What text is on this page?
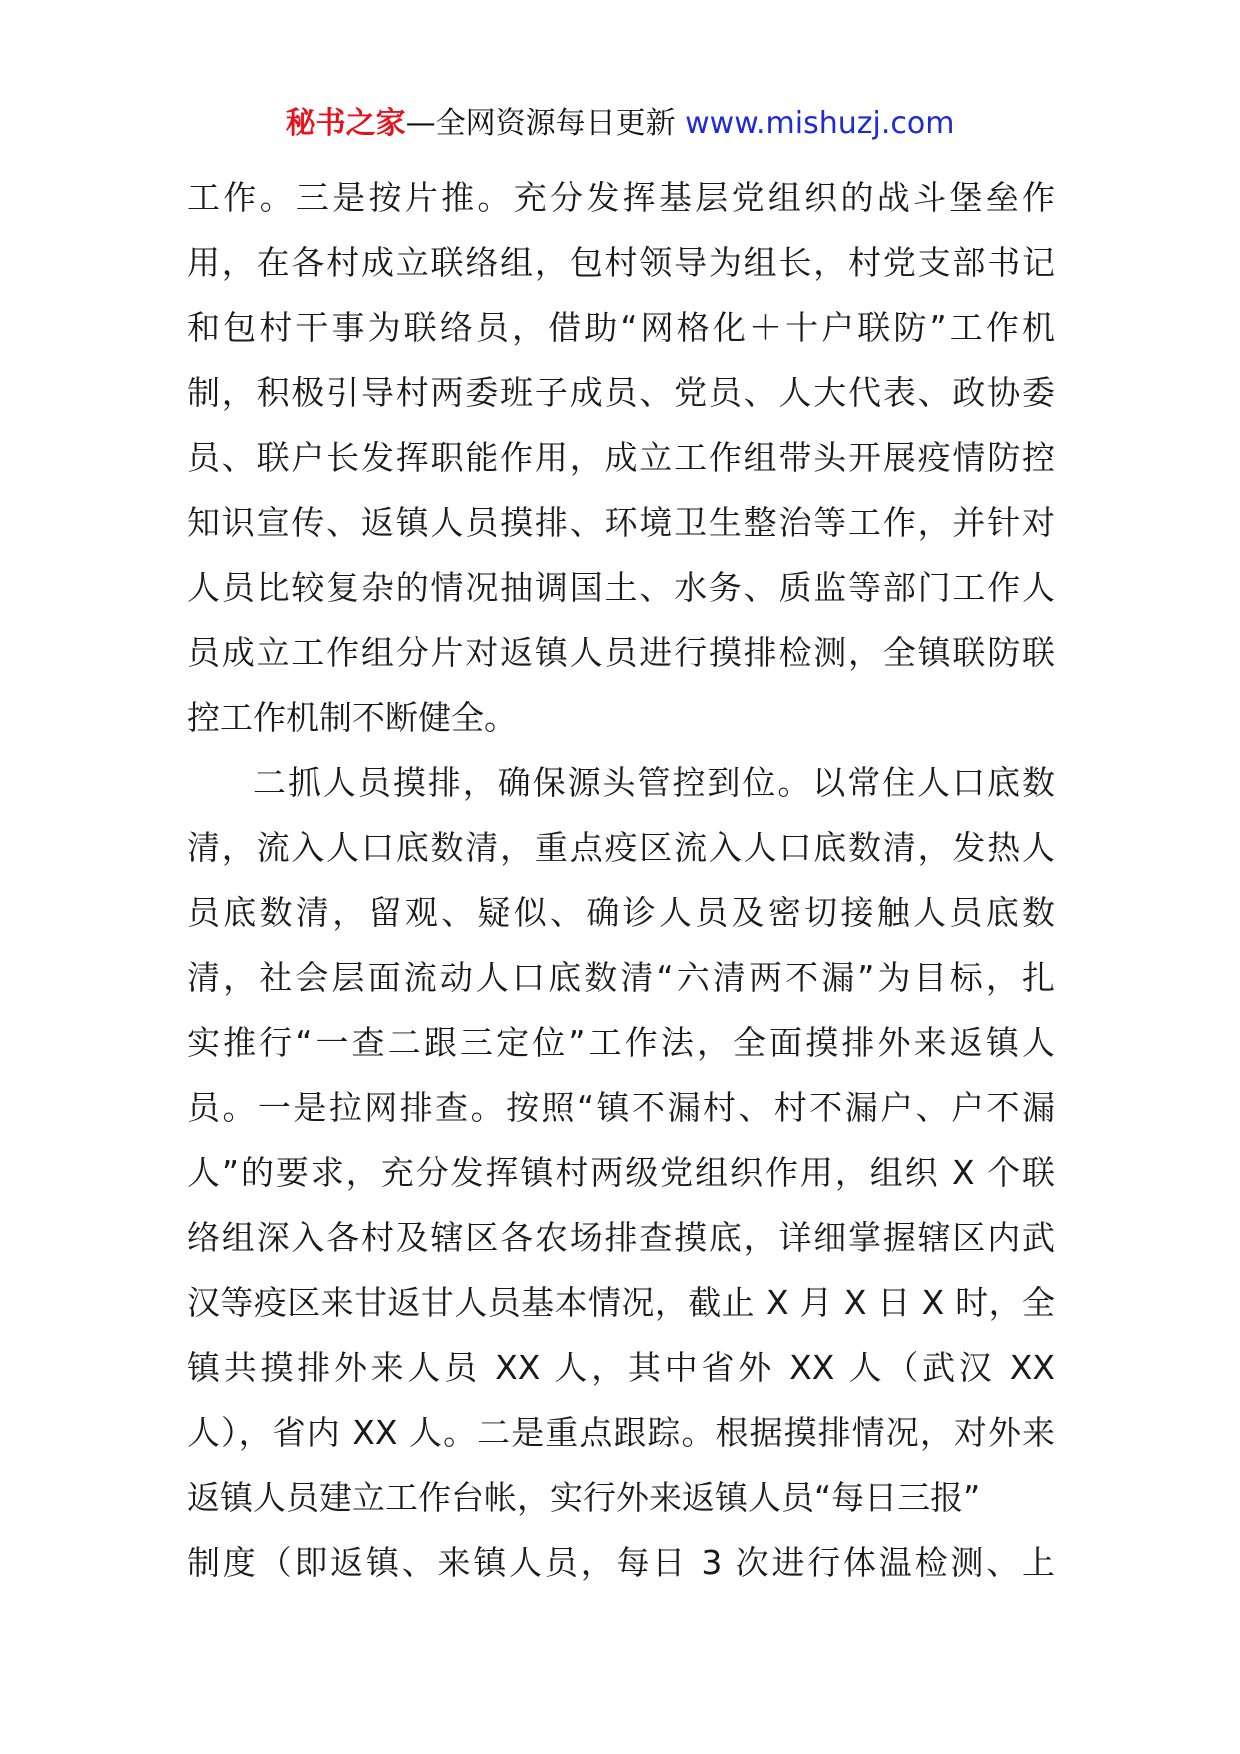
秘书之家—全网资源每日更新 www.mishuzj.com
工作。三是按片推。充分发挥基层党组织的战斗堡垒作
用，在各村成立联络组，包村领导为组长，村党支部书记
和包村干事为联络员，借助“网格化＋十户联防”工作机
制，积极引导村两委班子成员、党员、人大代表、政协委
员、联户长发挥职能作用，成立工作组带头开展疫情防控
知识宣传、返镇人员摸排、环境卫生整治等工作，并针对
人员比较复杂的情况抽调国土、水务、质监等部门工作人
员成立工作组分片对返镇人员进行摸排检测，全镇联防联
控工作机制不断健全。
二抓人员摸排，确保源头管控到位。以常住人口底数
清，流入人口底数清，重点疫区流入人口底数清，发热人
员底数清，留观、疑似、确诊人员及密切接触人员底数
清，社会层面流动人口底数清“六清两不漏”为目标，扎
实推行“一查二跟三定位”工作法，全面摸排外来返镇人
员。一是拉网排查。按照“镇不漏村、村不漏户、户不漏
人”的要求，充分发挥镇村两级党组织作用，组织 X 个联
络组深入各村及辖区各农场排查摸底，详细掌握辖区内武
汉等疫区来甘返甘人员基本情况，截止 X 月 X 日 X 时，全
镇共摸排外来人员 XX 人，其中省外 XX 人（武汉 XX
人），省内 XX 人。二是重点跟踪。根据摸排情况，对外来
返镇人员建立工作台帐，实行外来返镇人员“每日三报”
制度（即返镇、来镇人员，每日 3 次进行体温检测、上
